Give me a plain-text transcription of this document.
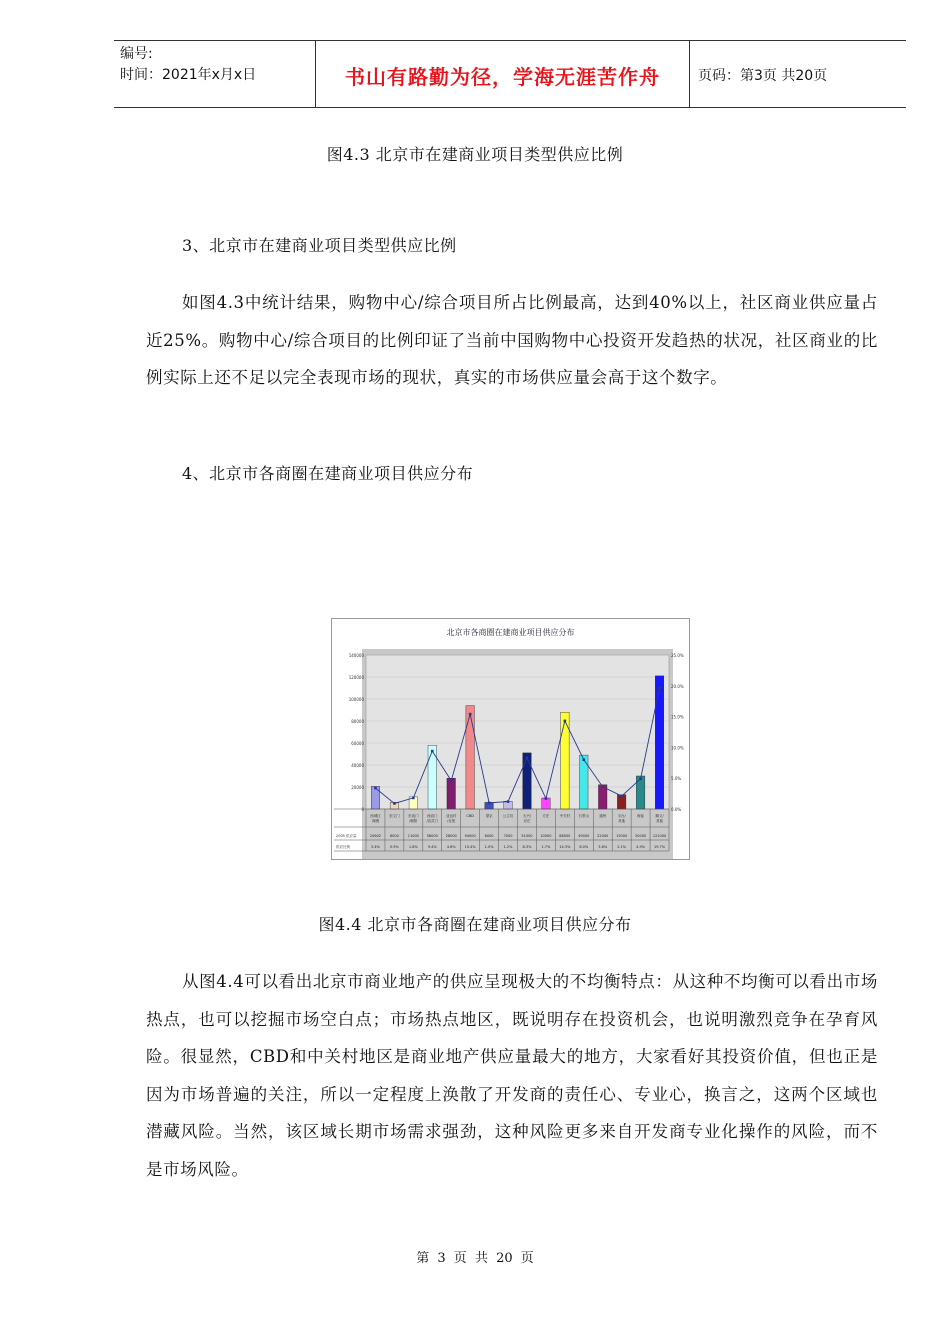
编号:
时间：2021年x月x日	书山有路勤为径，学海无涯苦作舟	页码：第3页 共20页
图4.3 北京市在建商业项目类型供应比例
3、北京市在建商业项目类型供应比例
如图4.3中统计结果，购物中心/综合项目所占比例最高，达到40%以上，社区商业供应量占近25%。购物中心/综合项目的比例印证了当前中国购物中心投资开发趋热的状况，社区商业的比例实际上还不足以完全表现市场的现状，真实的市场供应量会高于这个数字。
4、北京市各商圈在建商业项目供应分布
北京市各商圈在建商业项目供应分布
140000
120000
100000
80000
60000
40000
20000
0
25.0%
20.0%
15.0%
10.0%
5.0%
0.0%
2005 供应量
供应比例
西城区
商圈
20602
3.4%
崇文门
6000
0.9%
东直门
/朝阳
11000
1.8%
西直门
/宣武门
58000
9.4%
亚运村
/北苑
28000
4.6%
CBD
94000
15.4%
望京
6000
1.0%
公主坟
7000
1.2%
大兴/
亦庄
51000
8.3%
方庄
10000
1.7%
中关村
88000
14.3%
石景山
49000
8.0%
通州
22000
3.6%
丰台/
其他
13000
2.1%
海淀
30000
4.9%
顺义/
其他
121000
19.7%
图4.4 北京市各商圈在建商业项目供应分布
从图4.4可以看出北京市商业地产的供应呈现极大的不均衡特点：从这种不均衡可以看出市场热点，也可以挖掘市场空白点；市场热点地区，既说明存在投资机会，也说明激烈竞争在孕育风险。很显然，CBD和中关村地区是商业地产供应量最大的地方，大家看好其投资价值，但也正是因为市场普遍的关注，所以一定程度上涣散了开发商的责任心、专业心，换言之，这两个区域也潜藏风险。当然，该区域长期市场需求强劲，这种风险更多来自开发商专业化操作的风险，而不是市场风险。
第 3 页 共 20 页
